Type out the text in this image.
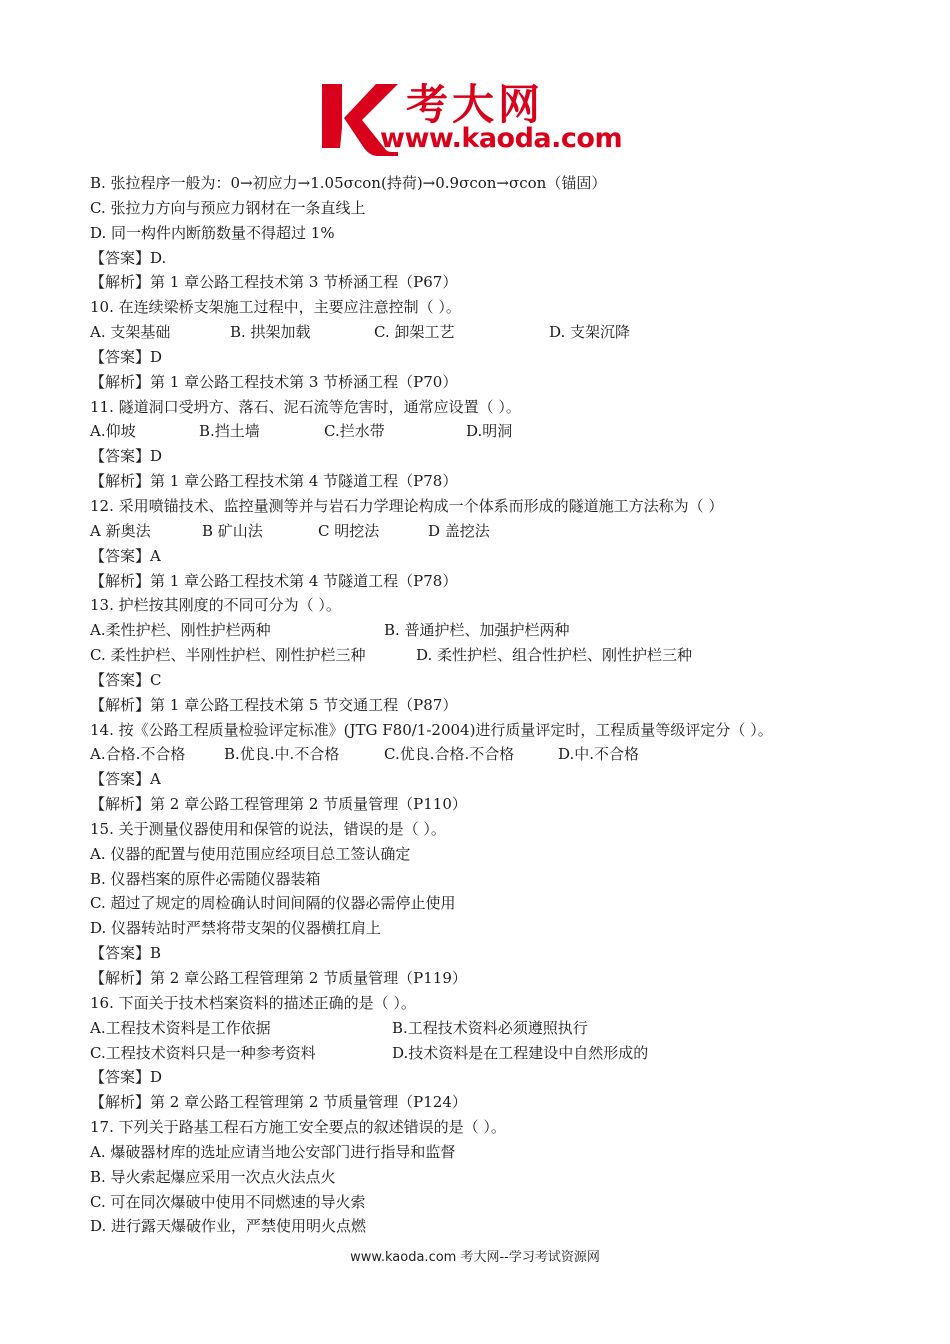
考大网
www.kaoda.com
B. 张拉程序一般为：0→初应力→1.05σcon(持荷)→0.9σcon→σcon（锚固）
C. 张拉力方向与预应力钢材在一条直线上
D. 同一构件内断筋数量不得超过 1%
【答案】D.
【解析】第 1 章公路工程技术第 3 节桥涵工程（P67）
10. 在连续梁桥支架施工过程中，主要应注意控制（ ）。
A. 支架基础	B. 拱架加载	C. 卸架工艺	D. 支架沉降
【答案】D
【解析】第 1 章公路工程技术第 3 节桥涵工程（P70）
11. 隧道洞口受坍方、落石、泥石流等危害时，通常应设置（ ）。
A.仰坡	B.挡土墙	C.拦水带	D.明洞
【答案】D
【解析】第 1 章公路工程技术第 4 节隧道工程（P78）
12. 采用喷锚技术、监控量测等并与岩石力学理论构成一个体系而形成的隧道施工方法称为（ ）
A 新奥法	B 矿山法	C 明挖法	D 盖挖法
【答案】A
【解析】第 1 章公路工程技术第 4 节隧道工程（P78）
13. 护栏按其刚度的不同可分为（ ）。
A.柔性护栏、刚性护栏两种	B. 普通护栏、加强护栏两种
C. 柔性护栏、半刚性护栏、刚性护栏三种	D. 柔性护栏、组合性护栏、刚性护栏三种
【答案】C
【解析】第 1 章公路工程技术第 5 节交通工程（P87）
14. 按《公路工程质量检验评定标准》(JTG F80/1-2004)进行质量评定时，工程质量等级评定分（ ）。
A.合格.不合格	B.优良.中.不合格	C.优良.合格.不合格	D.中.不合格
【答案】A
【解析】第 2 章公路工程管理第 2 节质量管理（P110）
15. 关于测量仪器使用和保管的说法，错误的是（ ）。
A. 仪器的配置与使用范围应经项目总工签认确定
B. 仪器档案的原件必需随仪器装箱
C. 超过了规定的周检确认时间间隔的仪器必需停止使用
D. 仪器转站时严禁将带支架的仪器横扛肩上
【答案】B
【解析】第 2 章公路工程管理第 2 节质量管理（P119）
16. 下面关于技术档案资料的描述正确的是（ ）。
A.工程技术资料是工作依据	B.工程技术资料必须遵照执行
C.工程技术资料只是一种参考资料	D.技术资料是在工程建设中自然形成的
【答案】D
【解析】第 2 章公路工程管理第 2 节质量管理（P124）
17. 下列关于路基工程石方施工安全要点的叙述错误的是（ ）。
A. 爆破器材库的选址应请当地公安部门进行指导和监督
B. 导火索起爆应采用一次点火法点火
C. 可在同次爆破中使用不同燃速的导火索
D. 进行露天爆破作业，严禁使用明火点燃
www.kaoda.com 考大网--学习考试资源网
